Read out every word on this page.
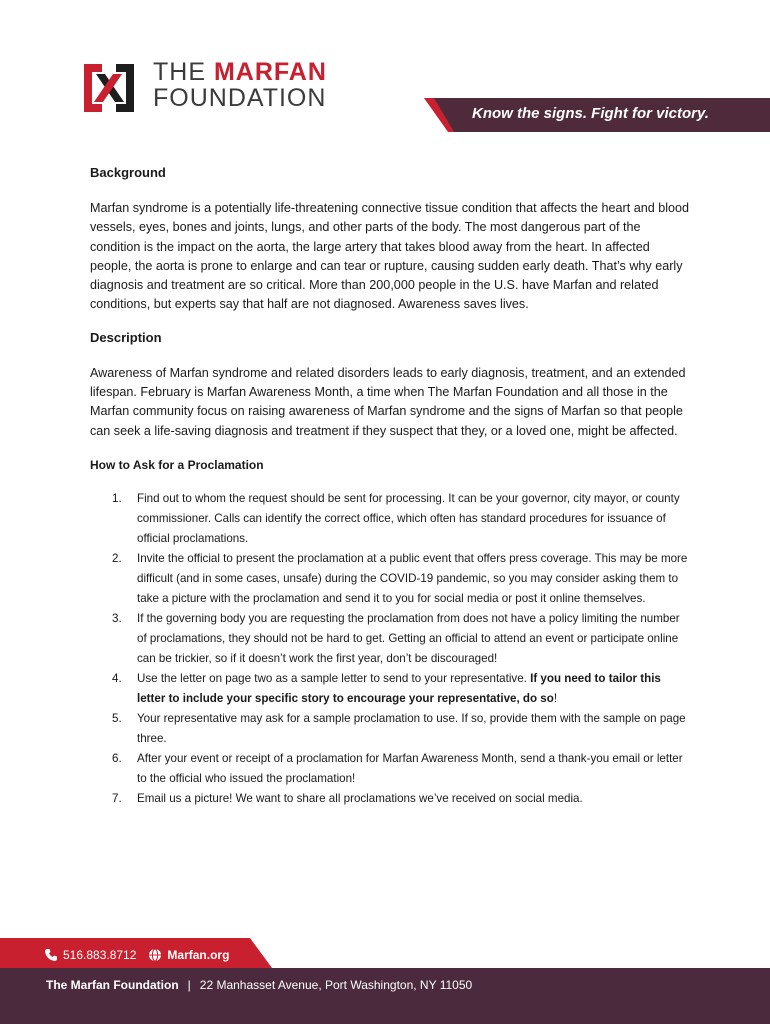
THE MARFAN
FOUNDATION
Know the signs. Fight for victory.
Background
Marfan syndrome is a potentially life-threatening connective tissue condition that affects the heart and blood vessels, eyes, bones and joints, lungs, and other parts of the body. The most dangerous part of the condition is the impact on the aorta, the large artery that takes blood away from the heart. In affected people, the aorta is prone to enlarge and can tear or rupture, causing sudden early death. That’s why early diagnosis and treatment are so critical. More than 200,000 people in the U.S. have Marfan and related conditions, but experts say that half are not diagnosed. Awareness saves lives.
Description
Awareness of Marfan syndrome and related disorders leads to early diagnosis, treatment, and an extended lifespan. February is Marfan Awareness Month, a time when The Marfan Foundation and all those in the Marfan community focus on raising awareness of Marfan syndrome and the signs of Marfan so that people can seek a life-saving diagnosis and treatment if they suspect that they, or a loved one, might be affected.
How to Ask for a Proclamation
1. Find out to whom the request should be sent for processing. It can be your governor, city mayor, or county commissioner. Calls can identify the correct office, which often has standard procedures for issuance of official proclamations.
2. Invite the official to present the proclamation at a public event that offers press coverage. This may be more difficult (and in some cases, unsafe) during the COVID-19 pandemic, so you may consider asking them to take a picture with the proclamation and send it to you for social media or post it online themselves.
3. If the governing body you are requesting the proclamation from does not have a policy limiting the number of proclamations, they should not be hard to get. Getting an official to attend an event or participate online can be trickier, so if it doesn’t work the first year, don’t be discouraged!
4. Use the letter on page two as a sample letter to send to your representative. If you need to tailor this letter to include your specific story to encourage your representative, do so!
5. Your representative may ask for a sample proclamation to use. If so, provide them with the sample on page three.
6. After your event or receipt of a proclamation for Marfan Awareness Month, send a thank-you email or letter to the official who issued the proclamation!
7. Email us a picture! We want to share all proclamations we’ve received on social media.
516.883.8712	Marfan.org
The Marfan Foundation | 22 Manhasset Avenue, Port Washington, NY 11050
